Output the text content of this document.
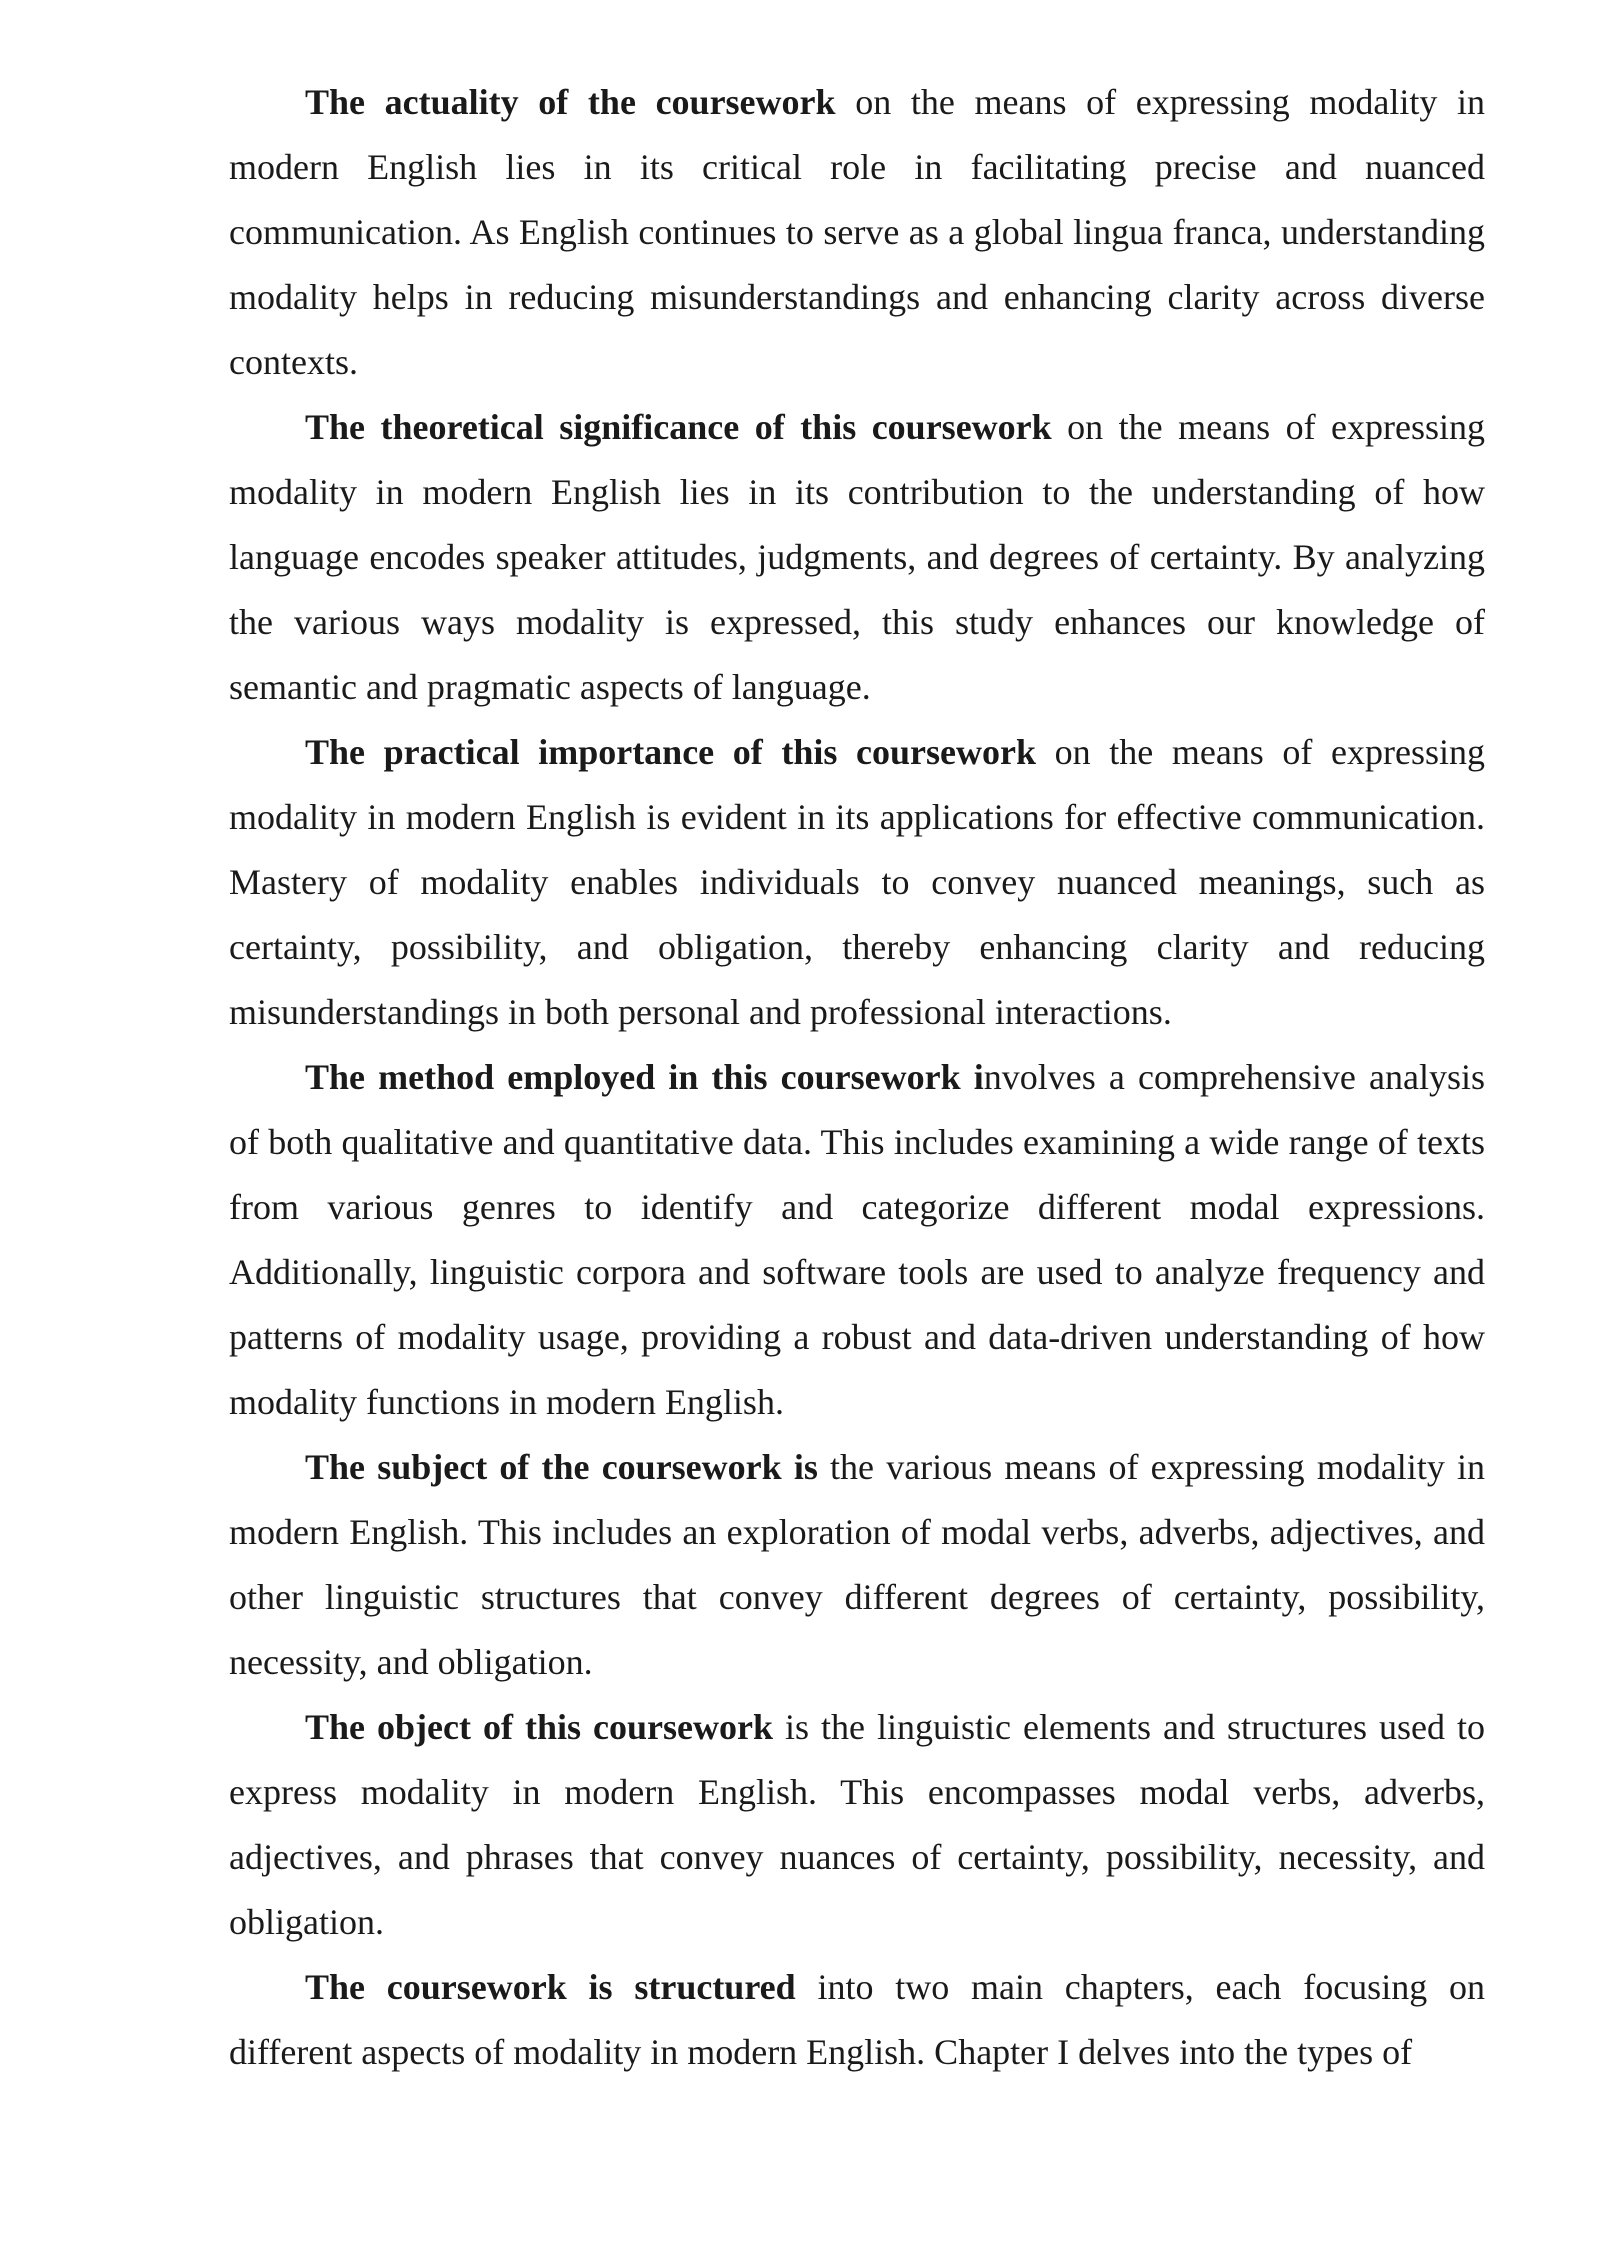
The actuality of the coursework on the means of expressing modality in modern English lies in its critical role in facilitating precise and nuanced communication. As English continues to serve as a global lingua franca, understanding modality helps in reducing misunderstandings and enhancing clarity across diverse contexts.

The theoretical significance of this coursework on the means of expressing modality in modern English lies in its contribution to the understanding of how language encodes speaker attitudes, judgments, and degrees of certainty. By analyzing the various ways modality is expressed, this study enhances our knowledge of semantic and pragmatic aspects of language.

The practical importance of this coursework on the means of expressing modality in modern English is evident in its applications for effective communication. Mastery of modality enables individuals to convey nuanced meanings, such as certainty, possibility, and obligation, thereby enhancing clarity and reducing misunderstandings in both personal and professional interactions.

The method employed in this coursework involves a comprehensive analysis of both qualitative and quantitative data. This includes examining a wide range of texts from various genres to identify and categorize different modal expressions. Additionally, linguistic corpora and software tools are used to analyze frequency and patterns of modality usage, providing a robust and data-driven understanding of how modality functions in modern English.

The subject of the coursework is the various means of expressing modality in modern English. This includes an exploration of modal verbs, adverbs, adjectives, and other linguistic structures that convey different degrees of certainty, possibility, necessity, and obligation.

The object of this coursework is the linguistic elements and structures used to express modality in modern English. This encompasses modal verbs, adverbs, adjectives, and phrases that convey nuances of certainty, possibility, necessity, and obligation.

The coursework is structured into two main chapters, each focusing on different aspects of modality in modern English. Chapter I delves into the types of
